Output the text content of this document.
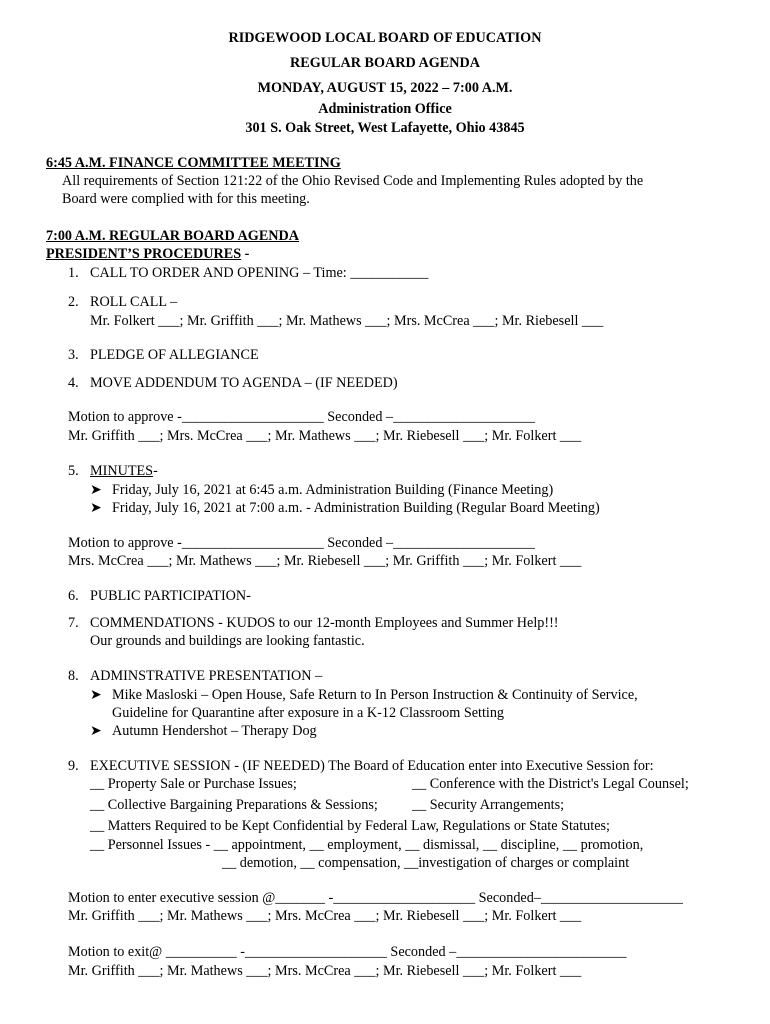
RIDGEWOOD LOCAL BOARD OF EDUCATION
REGULAR BOARD AGENDA
MONDAY, AUGUST 15, 2022 – 7:00 A.M.
Administration Office
301 S. Oak Street, West Lafayette, Ohio 43845
6:45 A.M. FINANCE COMMITTEE MEETING
All requirements of Section 121:22 of the Ohio Revised Code and Implementing Rules adopted by the
Board were complied with for this meeting.
7:00 A.M. REGULAR BOARD AGENDA
PRESIDENT’S PROCEDURES -
1. CALL TO ORDER AND OPENING – Time: ___________
2. ROLL CALL –
Mr. Folkert ___; Mr. Griffith ___; Mr. Mathews ___; Mrs. McCrea ___; Mr. Riebesell ___
3. PLEDGE OF ALLEGIANCE
4. MOVE ADDENDUM TO AGENDA – (IF NEEDED)
Motion to approve -____________________ Seconded –____________________
Mr. Griffith ___; Mrs. McCrea ___; Mr. Mathews ___; Mr. Riebesell ___; Mr. Folkert ___
5. MINUTES-
➤ Friday, July 16, 2021 at 6:45 a.m. Administration Building (Finance Meeting)
➤ Friday, July 16, 2021 at 7:00 a.m. - Administration Building (Regular Board Meeting)
Motion to approve -____________________ Seconded –____________________
Mrs. McCrea ___; Mr. Mathews ___; Mr. Riebesell ___; Mr. Griffith ___; Mr. Folkert ___
6. PUBLIC PARTICIPATION-
7. COMMENDATIONS - KUDOS to our 12-month Employees and Summer Help!!!
Our grounds and buildings are looking fantastic.
8. ADMINSTRATIVE PRESENTATION –
➤ Mike Masloski – Open House, Safe Return to In Person Instruction & Continuity of Service,
Guideline for Quarantine after exposure in a K-12 Classroom Setting
➤ Autumn Hendershot – Therapy Dog
9. EXECUTIVE SESSION - (IF NEEDED) The Board of Education enter into Executive Session for:
__ Property Sale or Purchase Issues;	__ Conference with the District's Legal Counsel;
__ Collective Bargaining Preparations & Sessions; __ Security Arrangements;
__ Matters Required to be Kept Confidential by Federal Law, Regulations or State Statutes;
__ Personnel Issues - __ appointment, __ employment, __ dismissal, __ discipline, __ promotion,
__ demotion, __ compensation, __investigation of charges or complaint
Motion to enter executive session @_______ -____________________ Seconded–____________________
Mr. Griffith ___; Mr. Mathews ___; Mrs. McCrea ___; Mr. Riebesell ___; Mr. Folkert ___
Motion to exit@ __________ -____________________ Seconded –________________________
Mr. Griffith ___; Mr. Mathews ___; Mrs. McCrea ___; Mr. Riebesell ___; Mr. Folkert ___
